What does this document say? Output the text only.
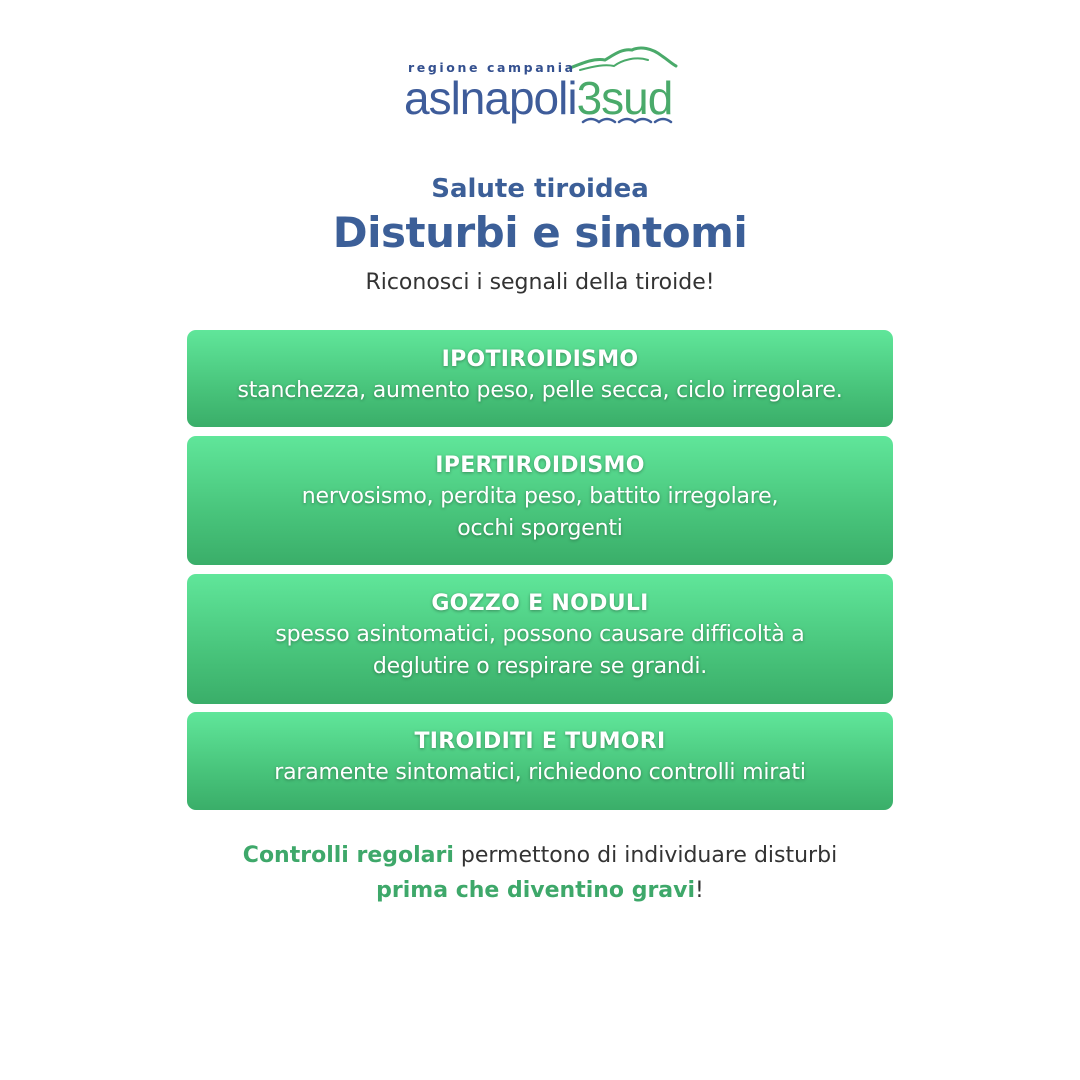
regione campania
aslnapoli3sud
Salute tiroidea
Disturbi e sintomi
Riconosci i segnali della tiroide!
IPOTIROIDISMO
stanchezza, aumento peso, pelle secca, ciclo irregolare.
IPERTIROIDISMO
nervosismo, perdita peso, battito irregolare,
occhi sporgenti
GOZZO E NODULI
spesso asintomatici, possono causare difficoltà a
deglutire o respirare se grandi.
TIROIDITI E TUMORI
raramente sintomatici, richiedono controlli mirati
Controlli regolari permettono di individuare disturbi
prima che diventino gravi!
